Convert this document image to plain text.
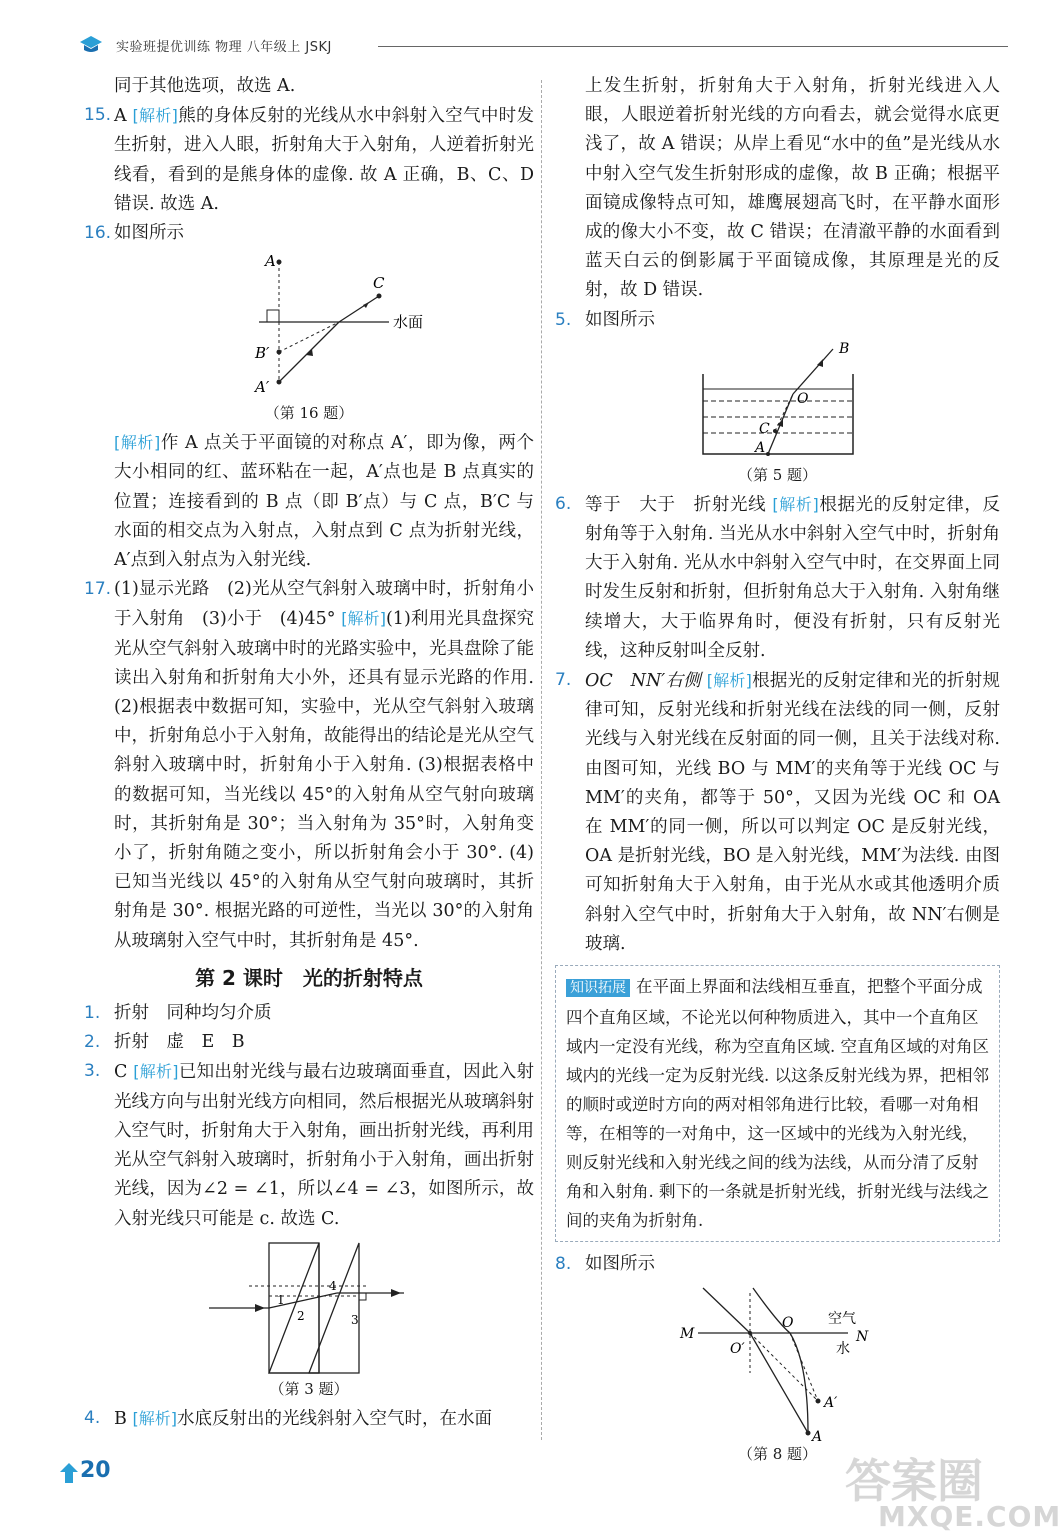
实验班提优训练 物理 八年级上 JSKJ

同于其他选项，故选 A.

15. A [解析]熊的身体反射的光线从水中斜射入空气中时发生折射，进入人眼，折射角大于入射角，人逆着折射光线看，看到的是熊身体的虚像. 故 A 正确，B、C、D 错误. 故选 A.
16. 如图所示
A
B′
A′
C
水面

（第 16 题）

[解析]作 A 点关于平面镜的对称点 A′，即为像，两个大小相同的红、蓝环粘在一起，A′点也是 B 点真实的位置；连接看到的 B 点（即 B′点）与 C 点，B′C 与水面的相交点为入射点，入射点到 C 点为折射光线，A′点到入射点为入射光线.

17. (1)显示光路　(2)光从空气斜射入玻璃中时，折射角小于入射角　(3)小于　(4)45° [解析](1)利用光具盘探究光从空气斜射入玻璃中时的光路实验中，光具盘除了能读出入射角和折射角大小外，还具有显示光路的作用. (2)根据表中数据可知，实验中，光从空气斜射入玻璃中，折射角总小于入射角，故能得出的结论是光从空气斜射入玻璃中时，折射角小于入射角. (3)根据表格中的数据可知，当光线以 45°的入射角从空气射向玻璃时，其折射角是 30°；当入射角为 35°时，入射角变小了，折射角随之变小，所以折射角会小于 30°. (4)已知当光线以 45°的入射角从空气射向玻璃时，其折射角是 30°. 根据光路的可逆性，当光以 30°的入射角从玻璃射入空气中时，其折射角是 45°.

第 2 课时　光的折射特点

1. 折射　同种均匀介质
2. 折射　虚　E　B
3. C [解析]已知出射光线与最右边玻璃面垂直，因此入射光线方向与出射光线方向相同，然后根据光从玻璃斜射入空气时，折射角大于入射角，画出折射光线，再利用光从空气斜射入玻璃时，折射角小于入射角，画出折射光线，因为∠2 = ∠1，所以∠4 = ∠3，如图所示，故入射光线只可能是 c. 故选 C.
1
2	3
4

（第 3 题）

4. B [解析]水底反射出的光线斜射入空气时，在水面

上发生折射，折射角大于入射角，折射光线进入人眼，人眼逆着折射光线的方向看去，就会觉得水底更浅了，故 A 错误；从岸上看见“水中的鱼”是光线从水中射入空气发生折射形成的虚像，故 B 正确；根据平面镜成像特点可知，雄鹰展翅高飞时，在平静水面形成的像大小不变，故 C 错误；在清澈平静的水面看到蓝天白云的倒影属于平面镜成像，其原理是光的反射，故 D 错误.

5. 如图所示
A
C
O
B

（第 5 题）

6. 等于　大于　折射光线 [解析]根据光的反射定律，反射角等于入射角. 当光从水中斜射入空气中时，折射角大于入射角. 光从水中斜射入空气中时，在交界面上同时发生反射和折射，但折射角总大于入射角. 入射角继续增大，大于临界角时，便没有折射，只有反射光线，这种反射叫全反射.
7. OC　NN′右侧 [解析]根据光的反射定律和光的折射规律可知，反射光线和折射光线在法线的同一侧，反射光线与入射光线在反射面的同一侧，且关于法线对称. 由图可知，光线 BO 与 MM′的夹角等于光线 OC 与 MM′的夹角，都等于 50°，又因为光线 OC 和 OA 在 MM′的同一侧，所以可以判定 OC 是反射光线，OA 是折射光线，BO 是入射光线，MM′为法线. 由图可知折射角大于入射角，由于光从水或其他透明介质斜射入空气中时，折射角大于入射角，故 NN′右侧是玻璃.
知识拓展 在平面上界面和法线相互垂直，把整个平面分成四个直角区域，不论光以何种物质进入，其中一个直角区域内一定没有光线，称为空直角区域. 空直角区域的对角区域内的光线一定为反射光线. 以这条反射光线为界，把相邻的顺时或逆时方向的两对相邻角进行比较，看哪一对角相等，在相等的一对角中，这一区域中的光线为入射光线，则反射光线和入射光线之间的线为法线，从而分清了反射角和入射角. 剩下的一条就是折射光线，折射光线与法线之间的夹角为折射角.
8. 如图所示
M	N
O
O′
A′
A
空气
水

（第 8 题）

20	答案圈
MXQE.COM
